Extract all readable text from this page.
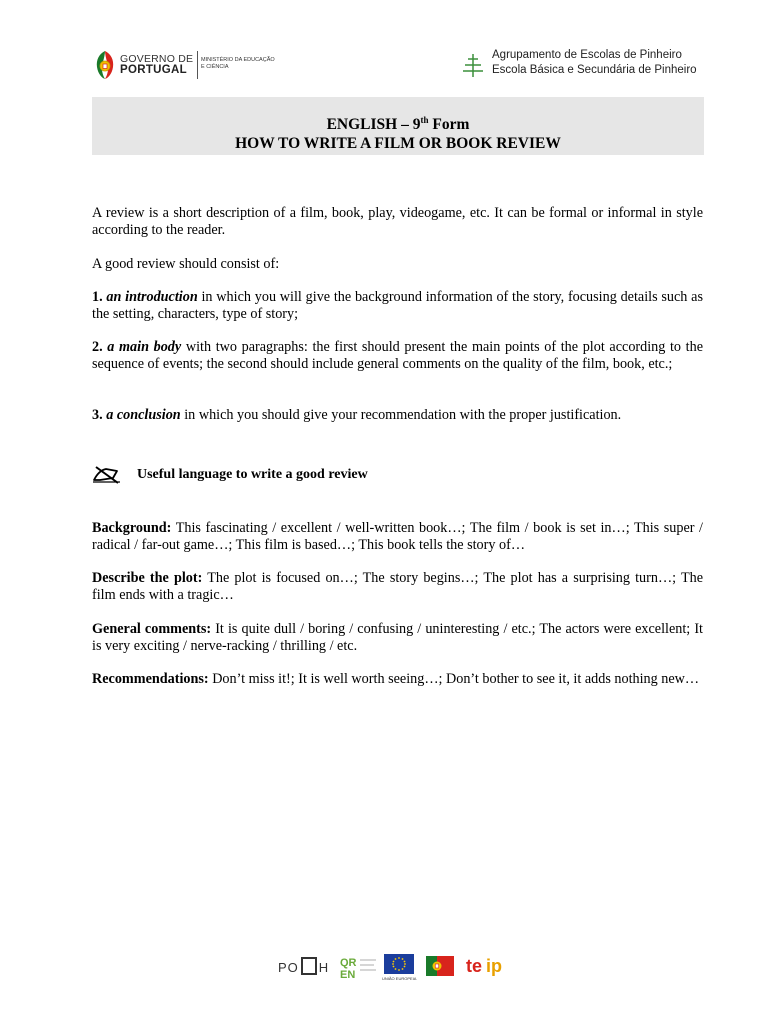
GOVERNO DE
PORTUGAL
MINISTÉRIO DA EDUCAÇÃO
E CIÊNCIA
Agrupamento de Escolas de Pinheiro
Escola Básica e Secundária de Pinheiro
ENGLISH – 9th Form
HOW TO WRITE A FILM OR BOOK REVIEW
A review is a short description of a film, book, play, videogame, etc. It can be formal or informal in style according to the reader.
A good review should consist of:
1. an introduction in which you will give the background information of the story, focusing details such as the setting, characters, type of story;
2. a main body with two paragraphs: the first should present the main points of the plot according to the sequence of events; the second should include general comments on the quality of the film, book, etc.;
3. a conclusion in which you should give your recommendation with the proper justification.
Useful language to write a good review
Background: This fascinating / excellent / well-written book…; The film / book is set in…; This super / radical / far-out game…; This film is based…; This book tells the story of…
Describe the plot: The plot is focused on…; The story begins…; The plot has a surprising turn…; The film ends with a tragic…
General comments: It is quite dull / boring / confusing / uninteresting / etc.; The actors were excellent; It is very exciting / nerve-racking / thrilling / etc.
Recommendations: Don’t miss it!; It is well worth seeing…; Don’t bother to see it, it adds nothing new…
PO H QR
EN	UNIÃO EUROPEIA
te ip
